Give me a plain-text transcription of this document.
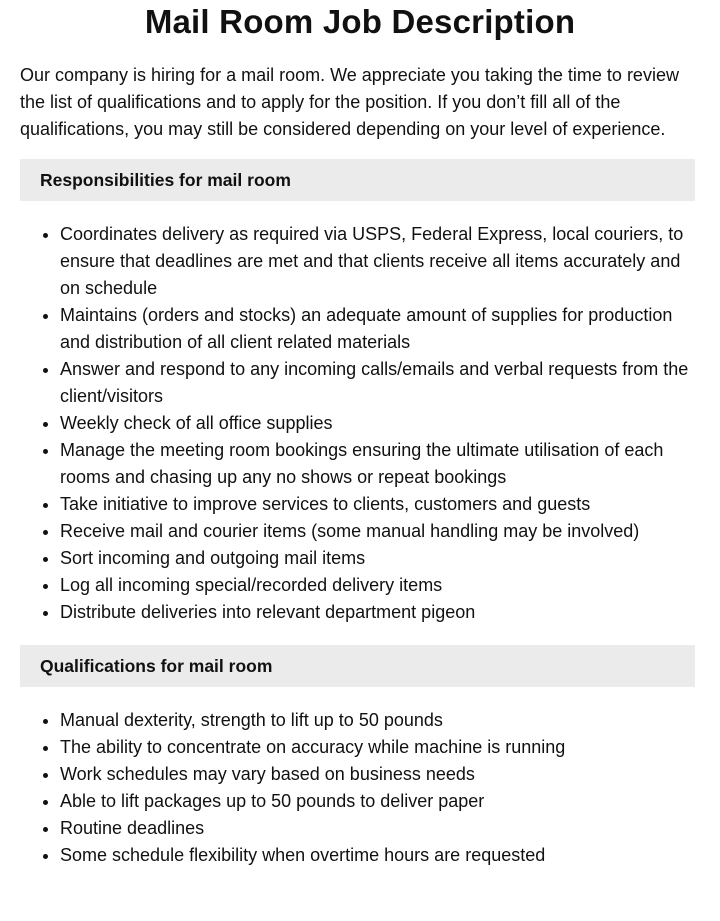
Mail Room Job Description

Our company is hiring for a mail room. We appreciate you taking the time to review the list of qualifications and to apply for the position. If you don’t fill all of the qualifications, you may still be considered depending on your level of experience.

Responsibilities for mail room
• Coordinates delivery as required via USPS, Federal Express, local couriers, to ensure that deadlines are met and that clients receive all items accurately and on schedule
• Maintains (orders and stocks) an adequate amount of supplies for production and distribution of all client related materials
• Answer and respond to any incoming calls/emails and verbal requests from the client/visitors
• Weekly check of all office supplies
• Manage the meeting room bookings ensuring the ultimate utilisation of each rooms and chasing up any no shows or repeat bookings
• Take initiative to improve services to clients, customers and guests
• Receive mail and courier items (some manual handling may be involved)
• Sort incoming and outgoing mail items
• Log all incoming special/recorded delivery items
• Distribute deliveries into relevant department pigeon
Qualifications for mail room
• Manual dexterity, strength to lift up to 50 pounds
• The ability to concentrate on accuracy while machine is running
• Work schedules may vary based on business needs
• Able to lift packages up to 50 pounds to deliver paper
• Routine deadlines
• Some schedule flexibility when overtime hours are requested
